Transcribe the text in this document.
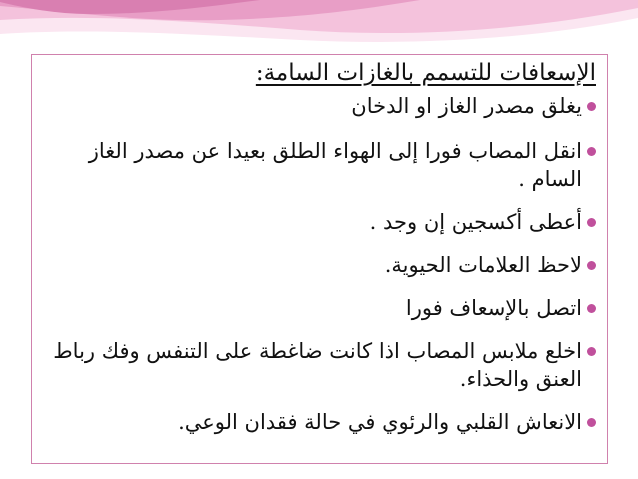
الإسعافات للتسمم بالغازات السامة:
يغلق مصدر الغاز او الدخان
انقل المصاب فورا إلى الهواء الطلق بعيدا عن مصدر الغاز السام .
أعطى أكسجين إن وجد .
لاحظ العلامات الحيوية.
اتصل بالإسعاف فورا
اخلع ملابس المصاب اذا كانت ضاغطة على التنفس وفك رباط العنق والحذاء.
الانعاش القلبي والرئوي في حالة فقدان الوعي.
